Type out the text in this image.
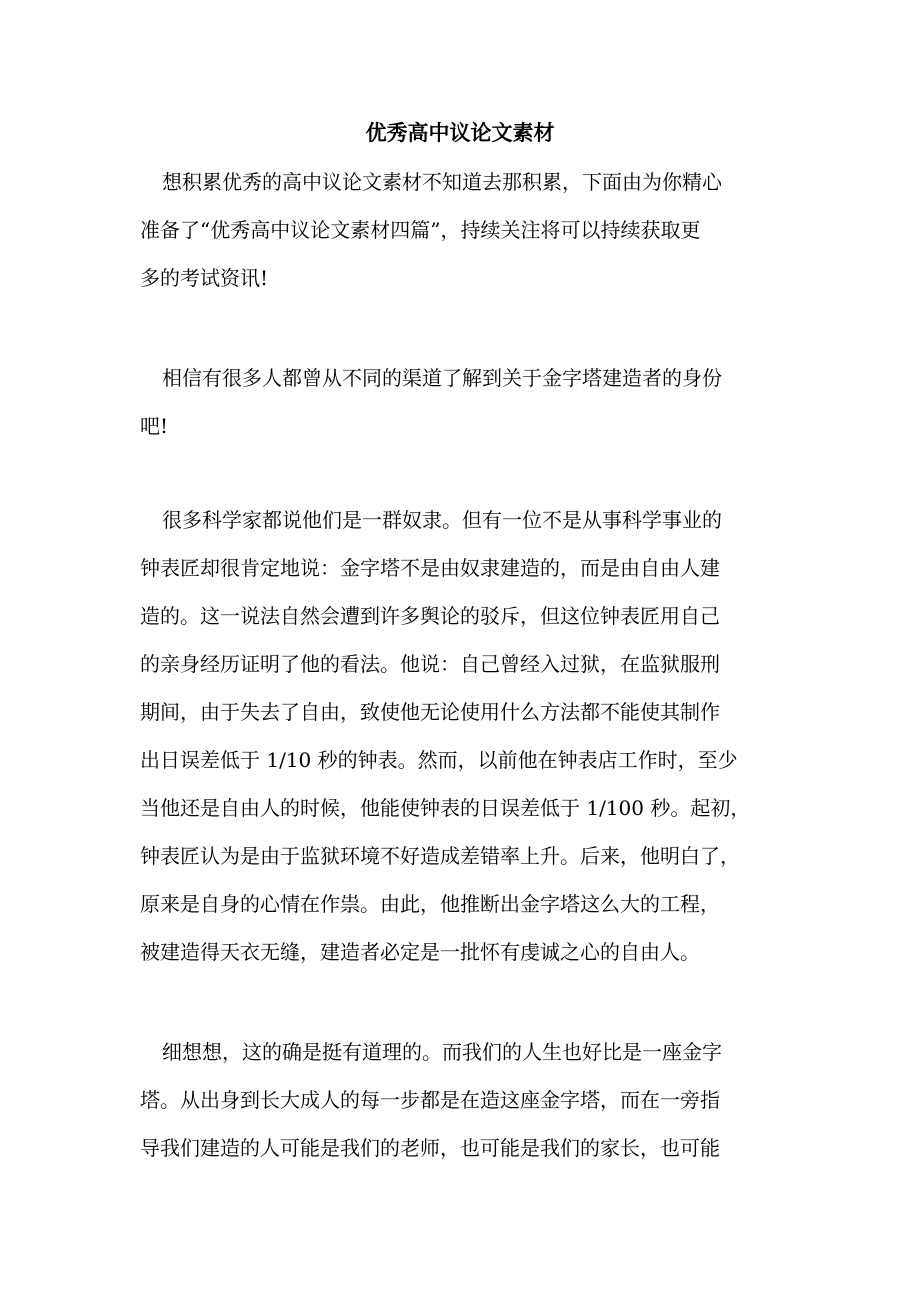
优秀高中议论文素材
想积累优秀的高中议论文素材不知道去那积累，下面由为你精心
准备了“优秀高中议论文素材四篇”，持续关注将可以持续获取更
多的考试资讯!
相信有很多人都曾从不同的渠道了解到关于金字塔建造者的身份
吧!
很多科学家都说他们是一群奴隶。但有一位不是从事科学事业的
钟表匠却很肯定地说：金字塔不是由奴隶建造的，而是由自由人建
造的。这一说法自然会遭到许多舆论的驳斥，但这位钟表匠用自己
的亲身经历证明了他的看法。他说：自己曾经入过狱，在监狱服刑
期间，由于失去了自由，致使他无论使用什么方法都不能使其制作
出日误差低于 1/10 秒的钟表。然而，以前他在钟表店工作时，至少
当他还是自由人的时候，他能使钟表的日误差低于 1/100 秒。起初，
钟表匠认为是由于监狱环境不好造成差错率上升。后来，他明白了，
原来是自身的心情在作祟。由此，他推断出金字塔这么大的工程，
被建造得天衣无缝，建造者必定是一批怀有虔诚之心的自由人。
细想想，这的确是挺有道理的。而我们的人生也好比是一座金字
塔。从出身到长大成人的每一步都是在造这座金字塔，而在一旁指
导我们建造的人可能是我们的老师，也可能是我们的家长，也可能
